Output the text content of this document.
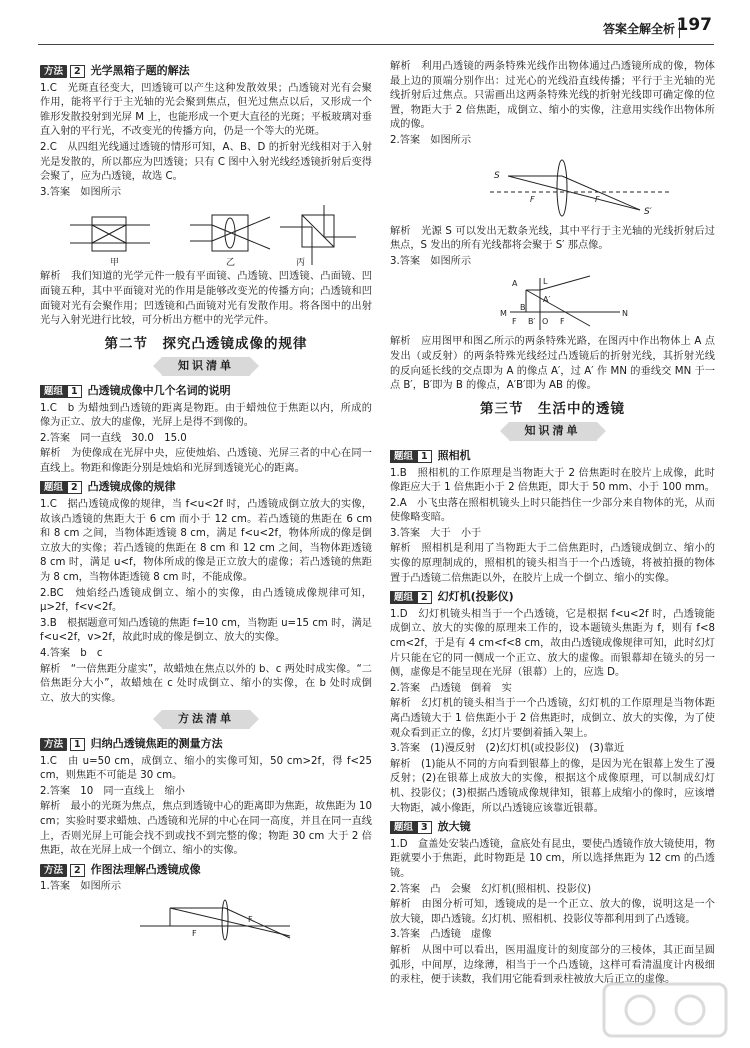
答案全解全析 197
方法 2 光学黑箱子题的解法

1.C　光斑直径变大，凹透镜可以产生这种发散效果；凸透镜对光有会聚作用，能将平行于主光轴的光会聚到焦点，但光过焦点以后，又形成一个锥形发散投射到光屏 M 上，也能形成一个更大直径的光斑；平板玻璃对垂直入射的平行光，不改变光的传播方向，仍是一个等大的光斑。

2.C　从四组光线通过透镜的情形可知，A、B、D 的折射光线相对于入射光是发散的，所以都应为凹透镜；只有 C 图中入射光线经透镜折射后变得会聚了，应为凸透镜，故选 C。

3.答案　如图所示

甲	乙	丙

解析　我们知道的光学元件一般有平面镜、凸透镜、凹透镜、凸面镜、凹面镜五种，其中平面镜对光的作用是能够改变光的传播方向；凸透镜和凹面镜对光有会聚作用；凹透镜和凸面镜对光有发散作用。将各图中的出射光与入射光进行比较，可分析出方框中的光学元件。

第二节　探究凸透镜成像的规律
知识清单
题组 1 凸透镜成像中几个名词的说明

1.C　b 为蜡烛到凸透镜的距离是物距。由于蜡烛位于焦距以内，所成的像为正立、放大的虚像，光屏上是得不到像的。

2.答案　同一直线　30.0　15.0

解析　为使像成在光屏中央，应使烛焰、凸透镜、光屏三者的中心在同一直线上。物距和像距分别是烛焰和光屏到透镜光心的距离。

题组 2 凸透镜成像的规律

1.C　据凸透镜成像的规律，当 f<u<2f 时，凸透镜成倒立放大的实像，故该凸透镜的焦距大于 6 cm 而小于 12 cm。若凸透镜的焦距在 6 cm 和 8 cm 之间，当物体距透镜 8 cm，满足 f<u<2f，物体所成的像是倒立放大的实像；若凸透镜的焦距在 8 cm 和 12 cm 之间，当物体距透镜 8 cm 时，满足 u<f，物体所成的像是正立放大的虚像；若凸透镜的焦距为 8 cm，当物体距透镜 8 cm 时，不能成像。

2.BC　烛焰经凸透镜成倒立、缩小的实像，由凸透镜成像规律可知，μ>2f，f<v<2f。

3.B　根据题意可知凸透镜的焦距 f=10 cm，当物距 u=15 cm 时，满足 f<u<2f，v>2f，故此时成的像是倒立、放大的实像。

4.答案　b　c

解析　“一倍焦距分虚实”，故蜡烛在焦点以外的 b、c 两处时成实像。“二倍焦距分大小”，故蜡烛在 c 处时成倒立、缩小的实像，在 b 处时成倒立、放大的实像。

方法清单
方法 1 归纳凸透镜焦距的测量方法

1.C　由 u=50 cm，成倒立、缩小的实像可知，50 cm>2f，得 f<25 cm，则焦距不可能是 30 cm。

2.答案　10　同一直线上　缩小

解析　最小的光斑为焦点，焦点到透镜中心的距离即为焦距，故焦距为 10 cm；实验时要求蜡烛、凸透镜和光屏的中心在同一高度，并且在同一直线上，否则光屏上可能会找不到或找不到完整的像；物距 30 cm 大于 2 倍焦距，故在光屏上成一个倒立、缩小的实像。

方法 2 作图法理解凸透镜成像

1.答案　如图所示

F
F

解析　利用凸透镜的两条特殊光线作出物体通过凸透镜所成的像，物体最上边的顶端分别作出：过光心的光线沿直线传播；平行于主光轴的光线折射后过焦点。只需画出这两条特殊光线的折射光线即可确定像的位置，物距大于 2 倍焦距，成倒立、缩小的实像，注意用实线作出物体所成的像。

2.答案　如图所示

S
F	F
S′

解析　光源 S 可以发出无数条光线，其中平行于主光轴的光线折射后过焦点，S 发出的所有光线都将会聚于 S′ 那点像。

3.答案　如图所示

A	L
A′
M
F B′ O F
B
N

解析　应用图甲和图乙所示的两条特殊光路，在图丙中作出物体上 A 点发出（或反射）的两条特殊光线经过凸透镜后的折射光线，其折射光线的反向延长线的交点即为 A 的像点 A′，过 A′ 作 MN 的垂线交 MN 于一点 B′，B′即为 B 的像点，A′B′即为 AB 的像。

第三节　生活中的透镜
知识清单
题组 1 照相机

1.B　照相机的工作原理是当物距大于 2 倍焦距时在胶片上成像，此时像距应大于 1 倍焦距小于 2 倍焦距，即大于 50 mm、小于 100 mm。

2.A　小飞虫落在照相机镜头上时只能挡住一少部分来自物体的光，从而使像略变暗。

3.答案　大于　小于

解析　照相机是利用了当物距大于二倍焦距时，凸透镜成倒立、缩小的实像的原理制成的，照相机的镜头相当于一个凸透镜，将被拍摄的物体置于凸透镜二倍焦距以外，在胶片上成一个倒立、缩小的实像。

题组 2 幻灯机(投影仪)

1.D　幻灯机镜头相当于一个凸透镜，它是根据 f<u<2f 时，凸透镜能成倒立、放大的实像的原理来工作的，设本题镜头焦距为 f，则有 f<8 cm<2f，于是有 4 cm<f<8 cm，故由凸透镜成像规律可知，此时幻灯片只能在它的同一侧成一个正立、放大的虚像。而银幕却在镜头的另一侧，虚像是不能呈现在光屏（银幕）上的，应选 D。

2.答案　凸透镜　倒着　实

解析　幻灯机的镜头相当于一个凸透镜，幻灯机的工作原理是当物体距离凸透镜大于 1 倍焦距小于 2 倍焦距时，成倒立、放大的实像，为了使观众看到正立的像，幻灯片要倒着插入架上。

3.答案　(1)漫反射　(2)幻灯机(或投影仪)　(3)靠近

解析　(1)能从不同的方向看到银幕上的像，是因为光在银幕上发生了漫反射；(2)在银幕上成放大的实像，根据这个成像原理，可以制成幻灯机、投影仪；(3)根据凸透镜成像规律知，银幕上成缩小的像时，应该增大物距，减小像距，所以凸透镜应该靠近银幕。

题组 3 放大镜

1.D　盒盖处安装凸透镜，盒底处有昆虫，要使凸透镜作放大镜使用，物距就要小于焦距，此时物距是 10 cm，所以选择焦距为 12 cm 的凸透镜。

2.答案　凸　会聚　幻灯机(照相机、投影仪)

解析　由图分析可知，透镜成的是一个正立、放大的像，说明这是一个放大镜，即凸透镜。幻灯机、照相机、投影仪等都利用到了凸透镜。

3.答案　凸透镜　虚像

解析　从图中可以看出，医用温度计的刻度部分的三棱体，其正面呈圆弧形，中间厚，边缘薄，相当于一个凸透镜，这样可看清温度计内极细的汞柱，便于读数，我们用它能看到汞柱被放大后正立的虚像。
